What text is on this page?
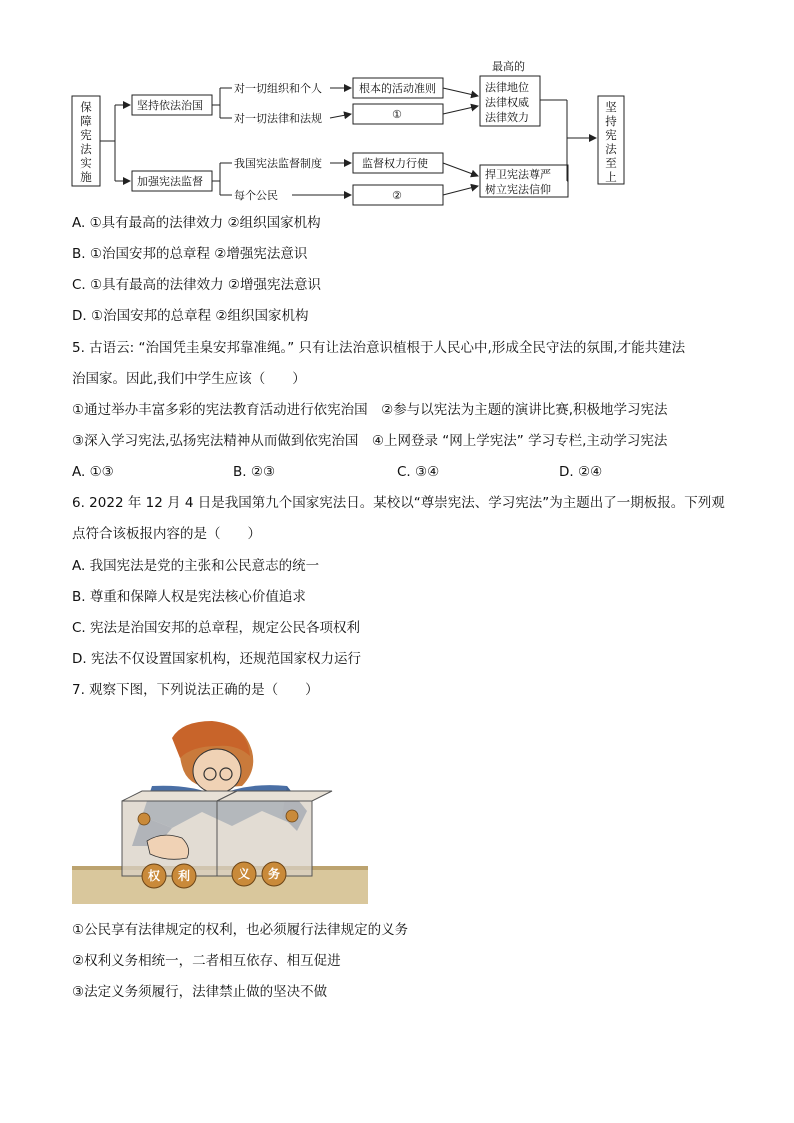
最高的
保
障
宪
法
实
施
坚
持
宪
法
至
上
坚持依法治国
加强宪法监督
对一切组织和个人
对一切法律和法规
我国宪法监督制度
每个公民
根本的活动准则
①
监督权力行使
②
法律地位
法律权威
法律效力
捍卫宪法尊严
树立宪法信仰
A. ①具有最高的法律效力 ②组织国家机构
B. ①治国安邦的总章程 ②增强宪法意识
C. ①具有最高的法律效力 ②增强宪法意识
D. ①治国安邦的总章程 ②组织国家机构
5. 古语云: “治国凭圭臬安邦靠准绳。” 只有让法治意识植根于人民心中,形成全民守法的氛围,才能共建法
治国家。因此,我们中学生应该（　　）
①通过举办丰富多彩的宪法教育活动进行依宪治国　②参与以宪法为主题的演讲比赛,积极地学习宪法
③深入学习宪法,弘扬宪法精神从而做到依宪治国　④上网登录 “网上学宪法” 学习专栏,主动学习宪法
A. ①③	B. ②③	C. ③④	D. ②④
6. 2022 年 12 月 4 日是我国第九个国家宪法日。某校以“尊崇宪法、学习宪法”为主题出了一期板报。下列观
点符合该板报内容的是（　　）
A. 我国宪法是党的主张和公民意志的统一
B. 尊重和保障人权是宪法核心价值追求
C. 宪法是治国安邦的总章程，规定公民各项权利
D. 宪法不仅设置国家机构，还规范国家权力运行
7. 观察下图，下列说法正确的是（　　）
权 利	义 务
①公民享有法律规定的权利，也必须履行法律规定的义务
②权利义务相统一，二者相互依存、相互促进
③法定义务须履行，法律禁止做的坚决不做
